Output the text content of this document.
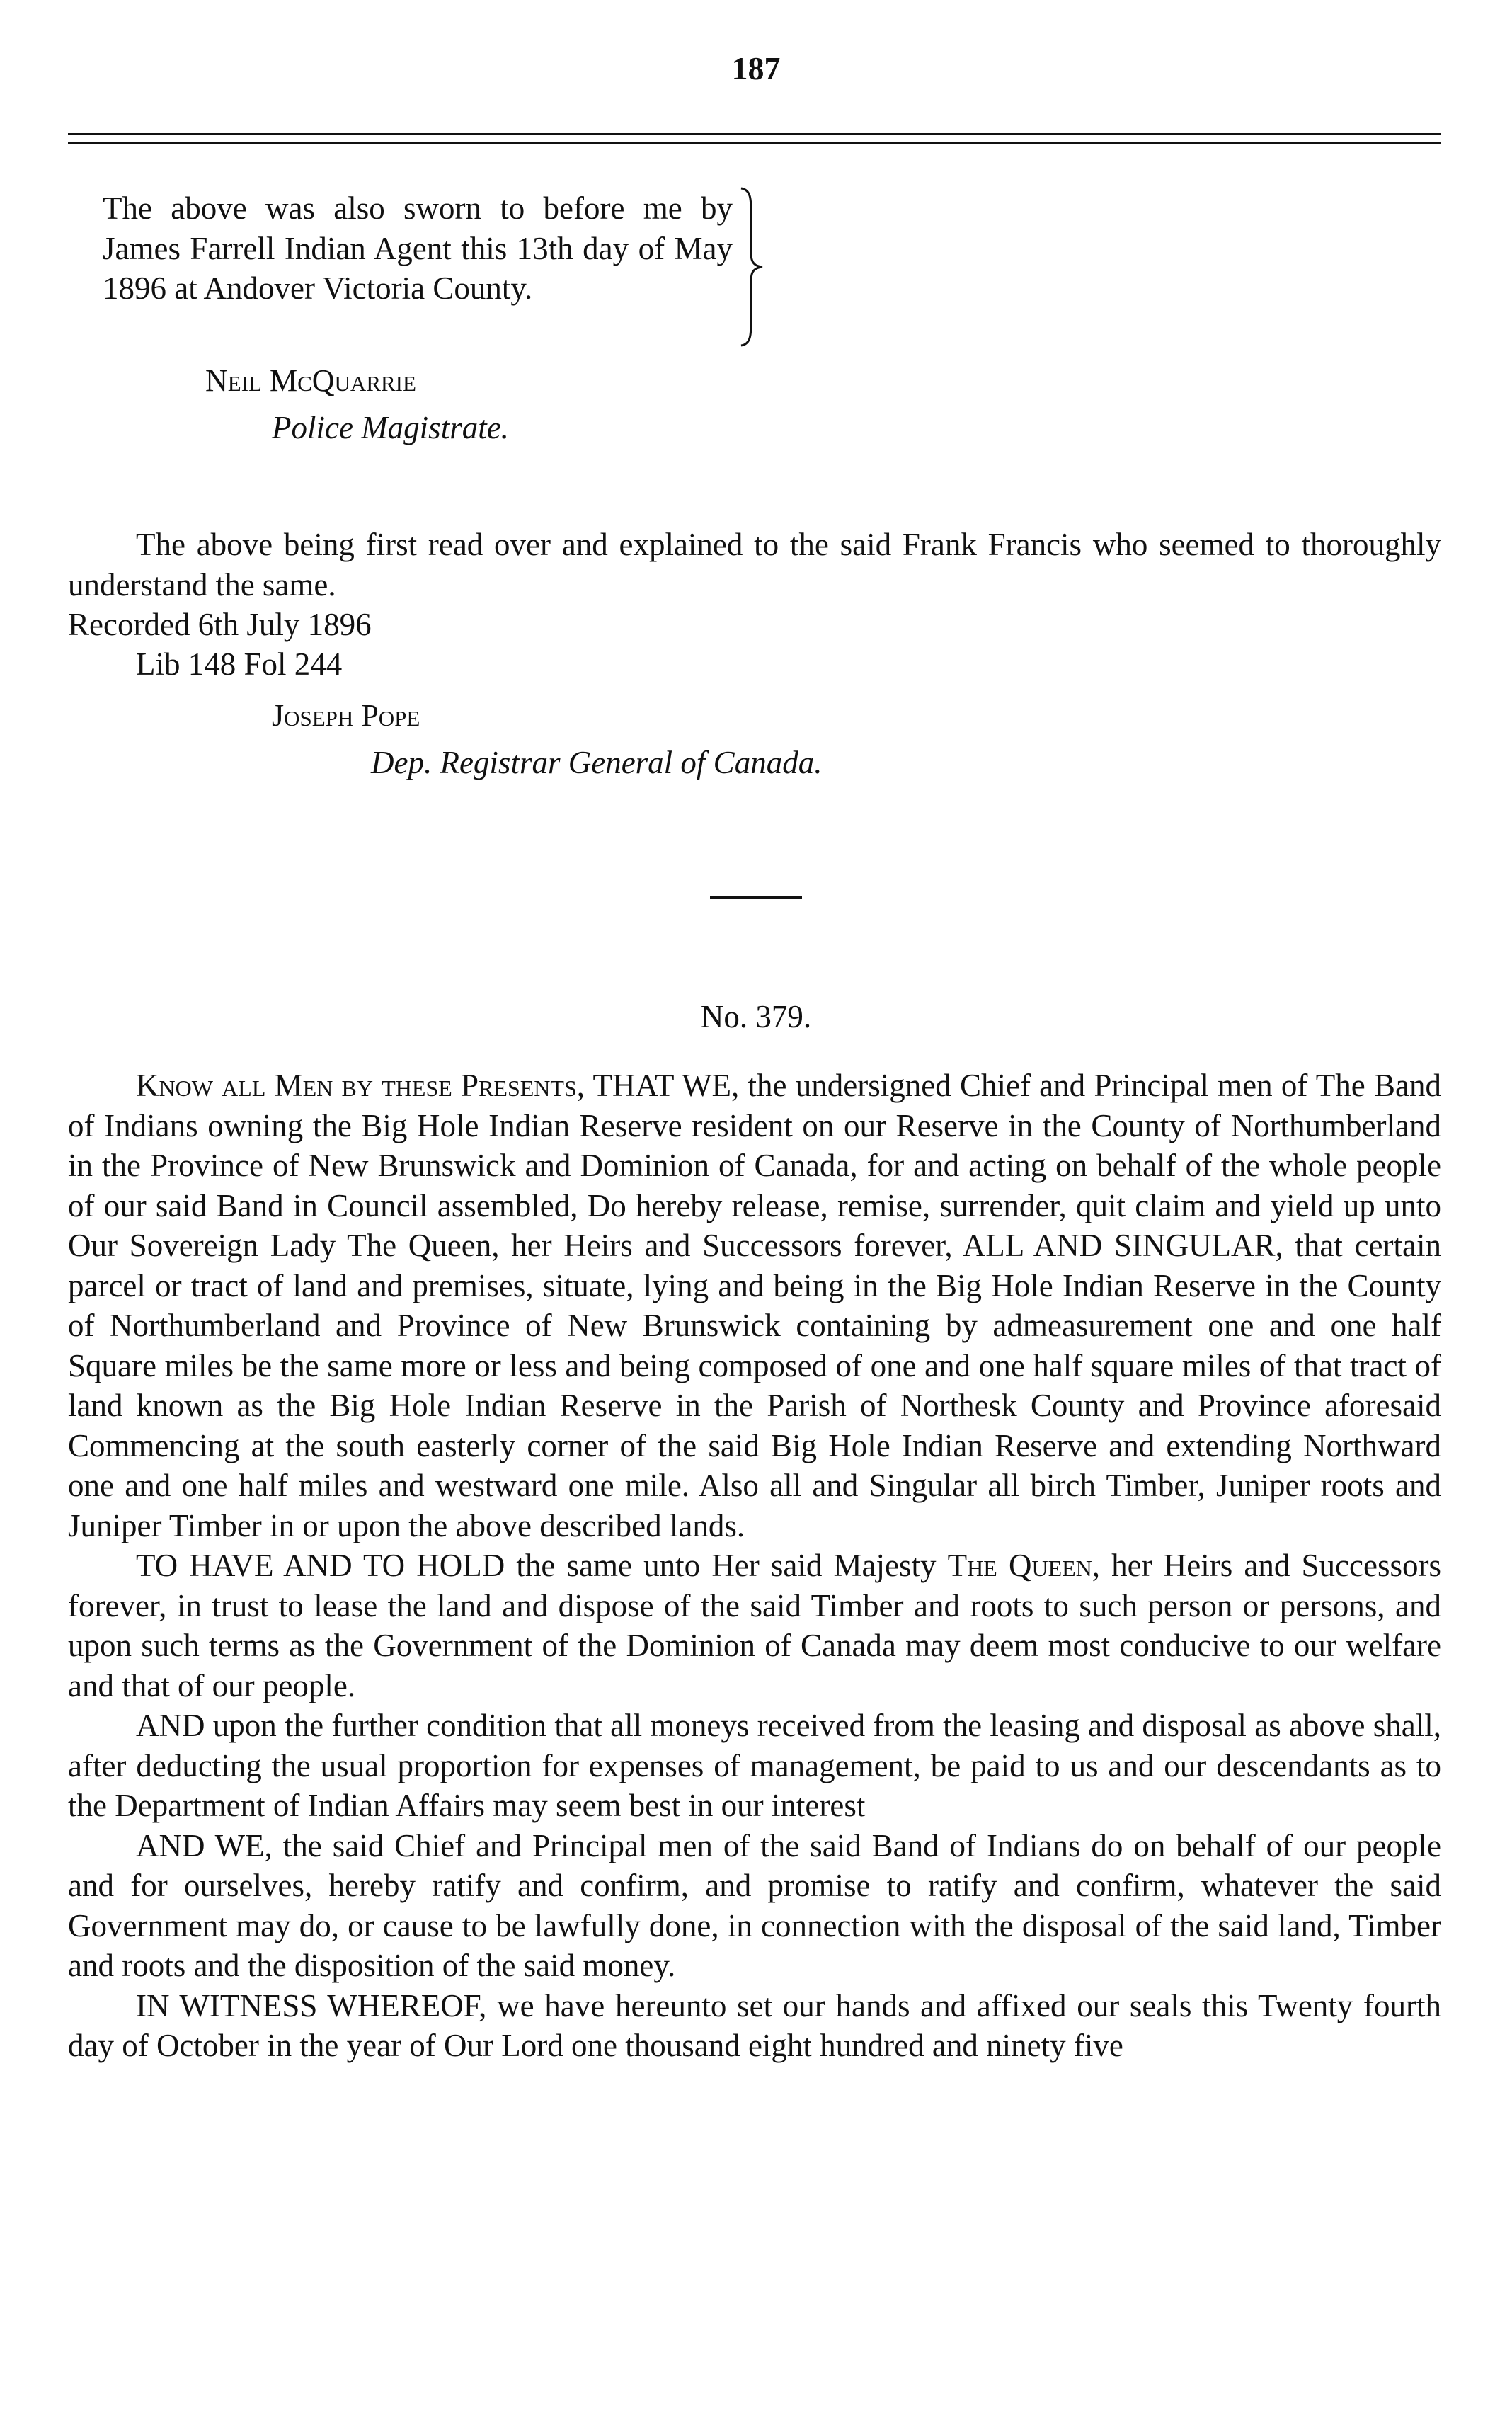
187
The above was also sworn to before me by James Farrell Indian Agent this 13th day of May 1896 at Andover Victoria County.
Neil McQuarrie
Police Magistrate.
The above being first read over and explained to the said Frank Francis who seemed to thoroughly understand the same.
Recorded 6th July 1896
Lib 148 Fol 244
Joseph Pope
Dep. Registrar General of Canada.
No. 379.

Know all Men by these Presents, THAT WE, the undersigned Chief and Principal men of The Band of Indians owning the Big Hole Indian Reserve resident on our Reserve in the County of Northumberland in the Province of New Brunswick and Dominion of Canada, for and acting on behalf of the whole people of our said Band in Council assembled, Do hereby release, remise, surrender, quit claim and yield up unto Our Sovereign Lady The Queen, her Heirs and Successors forever, ALL AND SINGULAR, that certain parcel or tract of land and premises, situate, lying and being in the Big Hole Indian Reserve in the County of Northumberland and Province of New Brunswick containing by admeasurement one and one half Square miles be the same more or less and being composed of one and one half square miles of that tract of land known as the Big Hole Indian Reserve in the Parish of Northesk County and Province aforesaid Commencing at the south easterly corner of the said Big Hole Indian Reserve and extending Northward one and one half miles and westward one mile. Also all and Singular all birch Timber, Juniper roots and Juniper Timber in or upon the above described lands.

TO HAVE AND TO HOLD the same unto Her said Majesty The Queen, her Heirs and Successors forever, in trust to lease the land and dispose of the said Timber and roots to such person or persons, and upon such terms as the Government of the Dominion of Canada may deem most conducive to our welfare and that of our people.

AND upon the further condition that all moneys received from the leasing and disposal as above shall, after deducting the usual proportion for expenses of management, be paid to us and our descendants as to the Department of Indian Affairs may seem best in our interest

AND WE, the said Chief and Principal men of the said Band of Indians do on behalf of our people and for ourselves, hereby ratify and confirm, and promise to ratify and confirm, whatever the said Government may do, or cause to be lawfully done, in connection with the disposal of the said land, Timber and roots and the disposition of the said money.

IN WITNESS WHEREOF, we have hereunto set our hands and affixed our seals this Twenty fourth day of October in the year of Our Lord one thousand eight hundred and ninety five
